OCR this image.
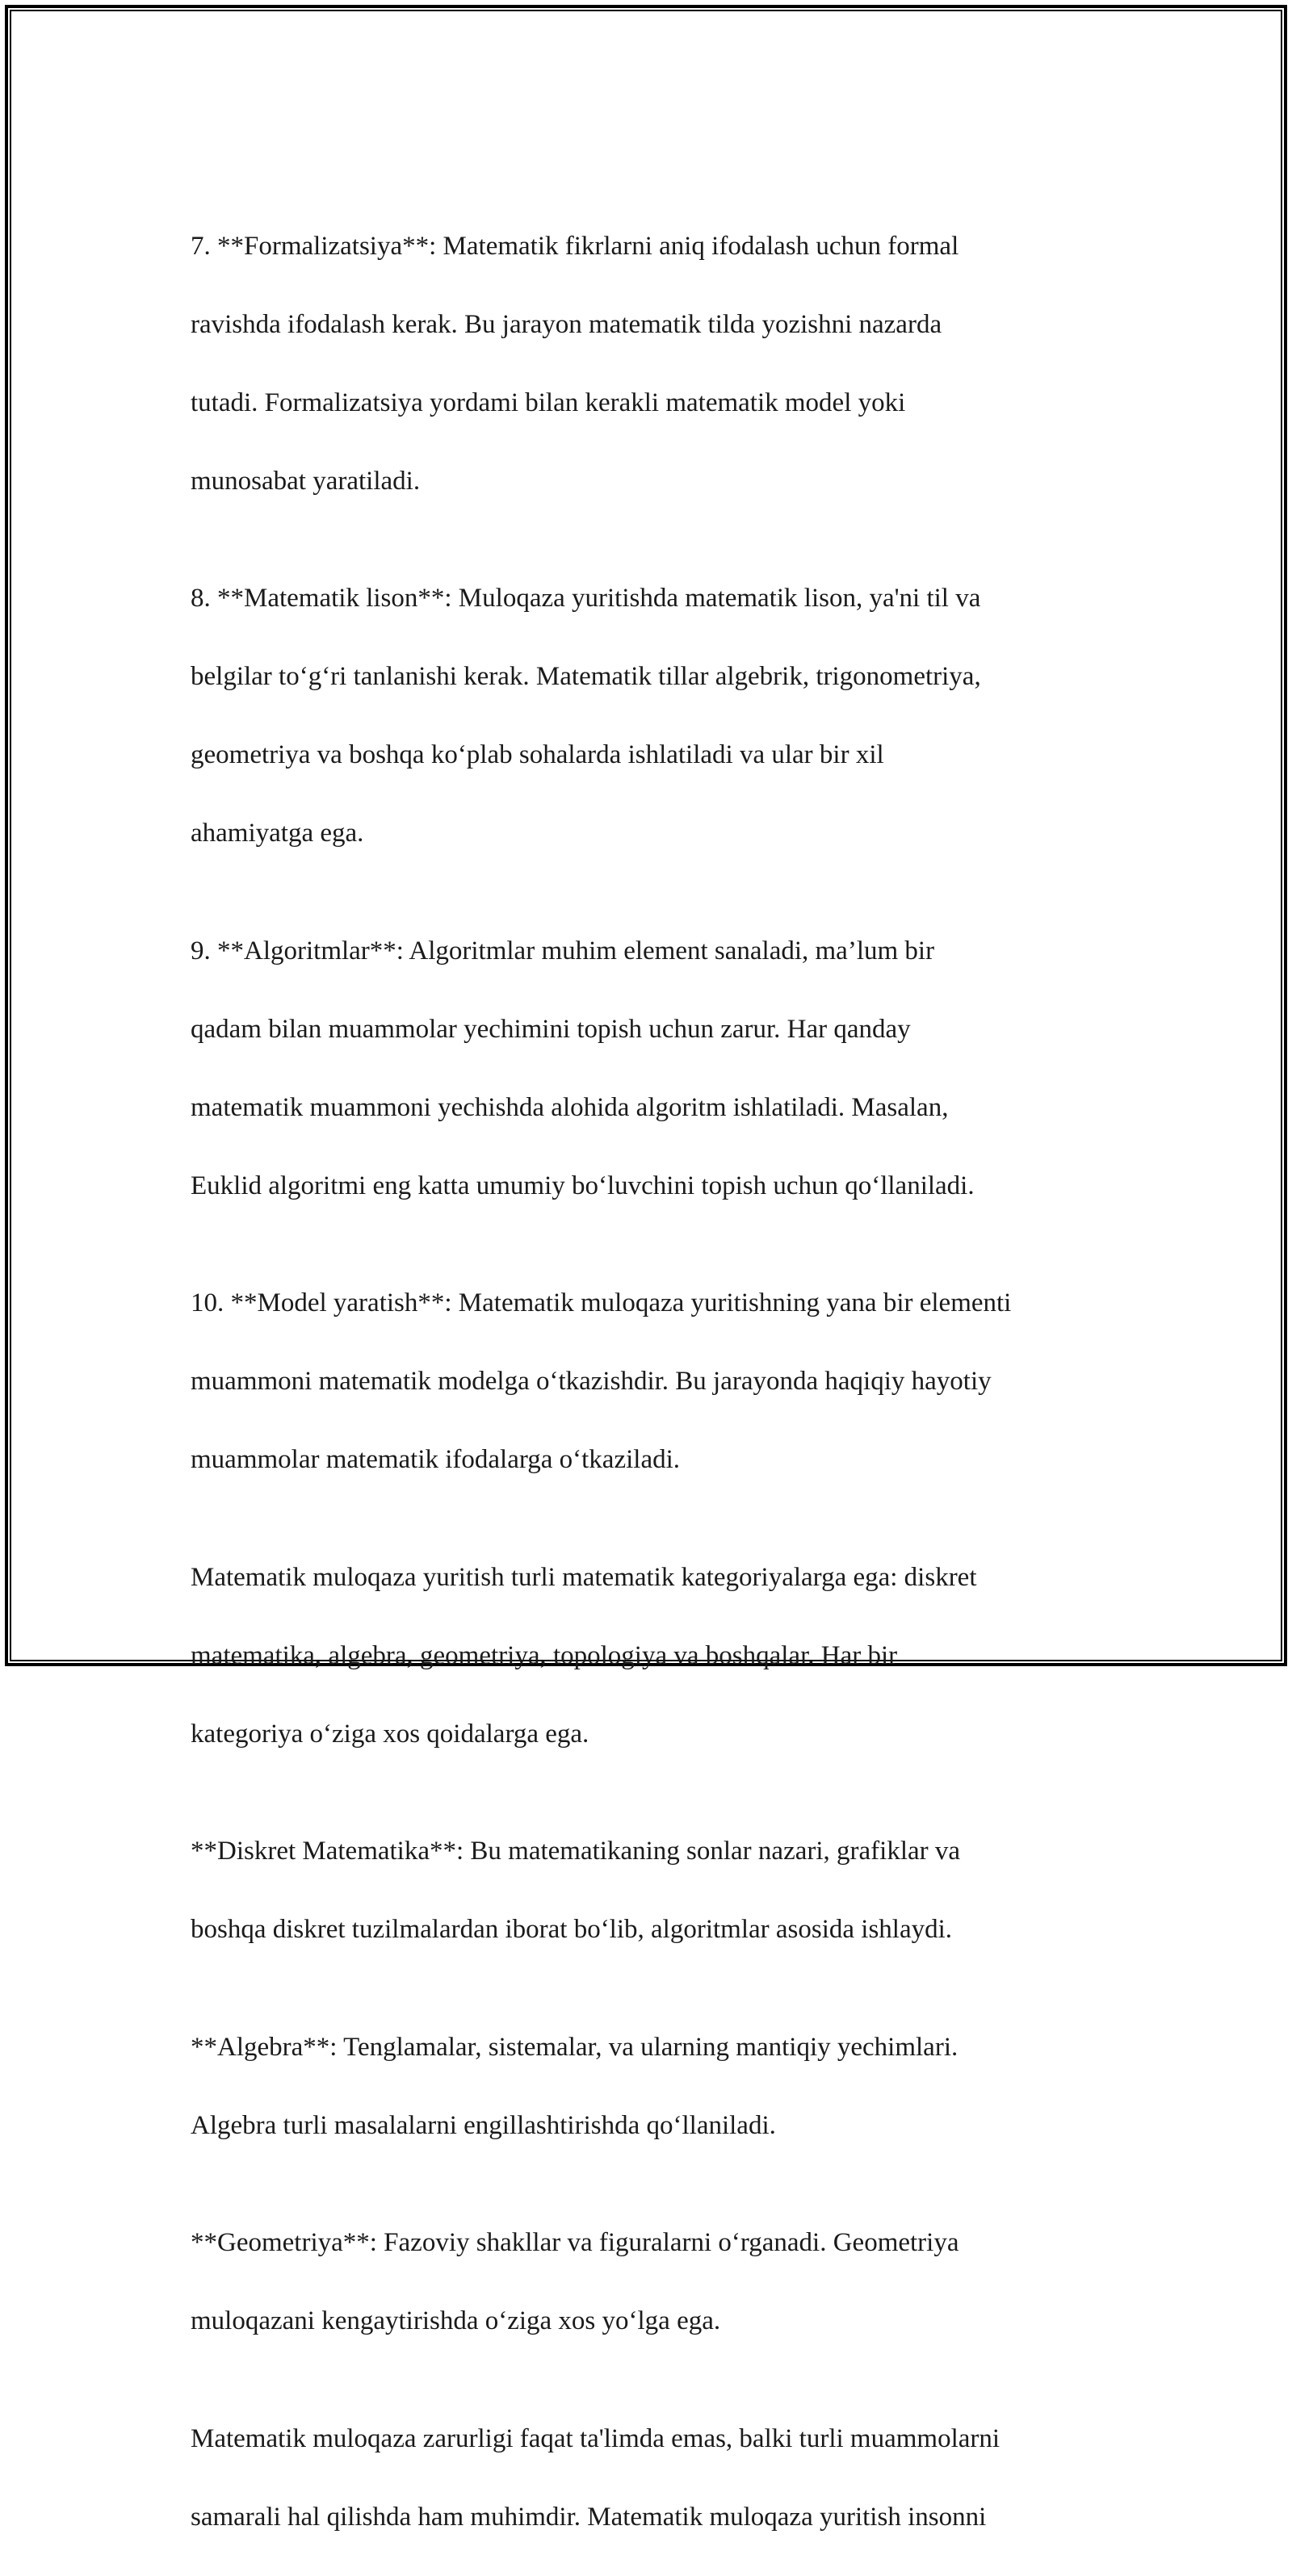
7. **Formalizatsiya**: Matematik fikrlarni aniq ifodalash uchun formal

ravishda ifodalash kerak. Bu jarayon matematik tilda yozishni nazarda

tutadi. Formalizatsiya yordami bilan kerakli matematik model yoki

munosabat yaratiladi.

8. **Matematik lison**: Muloqaza yuritishda matematik lison, ya'ni til va

belgilar to‘g‘ri tanlanishi kerak. Matematik tillar algebrik, trigonometriya,

geometriya va boshqa ko‘plab sohalarda ishlatiladi va ular bir xil

ahamiyatga ega.

9. **Algoritmlar**: Algoritmlar muhim element sanaladi, ma’lum bir

qadam bilan muammolar yechimini topish uchun zarur. Har qanday

matematik muammoni yechishda alohida algoritm ishlatiladi. Masalan,

Euklid algoritmi eng katta umumiy bo‘luvchini topish uchun qo‘llaniladi.

10. **Model yaratish**: Matematik muloqaza yuritishning yana bir elementi

muammoni matematik modelga o‘tkazishdir. Bu jarayonda haqiqiy hayotiy

muammolar matematik ifodalarga o‘tkaziladi.

Matematik muloqaza yuritish turli matematik kategoriyalarga ega: diskret

matematika, algebra, geometriya, topologiya va boshqalar. Har bir

kategoriya o‘ziga xos qoidalarga ega.

**Diskret Matematika**: Bu matematikaning sonlar nazari, grafiklar va

boshqa diskret tuzilmalardan iborat bo‘lib, algoritmlar asosida ishlaydi.

**Algebra**: Tenglamalar, sistemalar, va ularning mantiqiy yechimlari.

Algebra turli masalalarni engillashtirishda qo‘llaniladi.

**Geometriya**: Fazoviy shakllar va figuralarni o‘rganadi. Geometriya

muloqazani kengaytirishda o‘ziga xos yo‘lga ega.

Matematik muloqaza zarurligi faqat ta'limda emas, balki turli muammolarni

samarali hal qilishda ham muhimdir. Matematik muloqaza yuritish insonni
